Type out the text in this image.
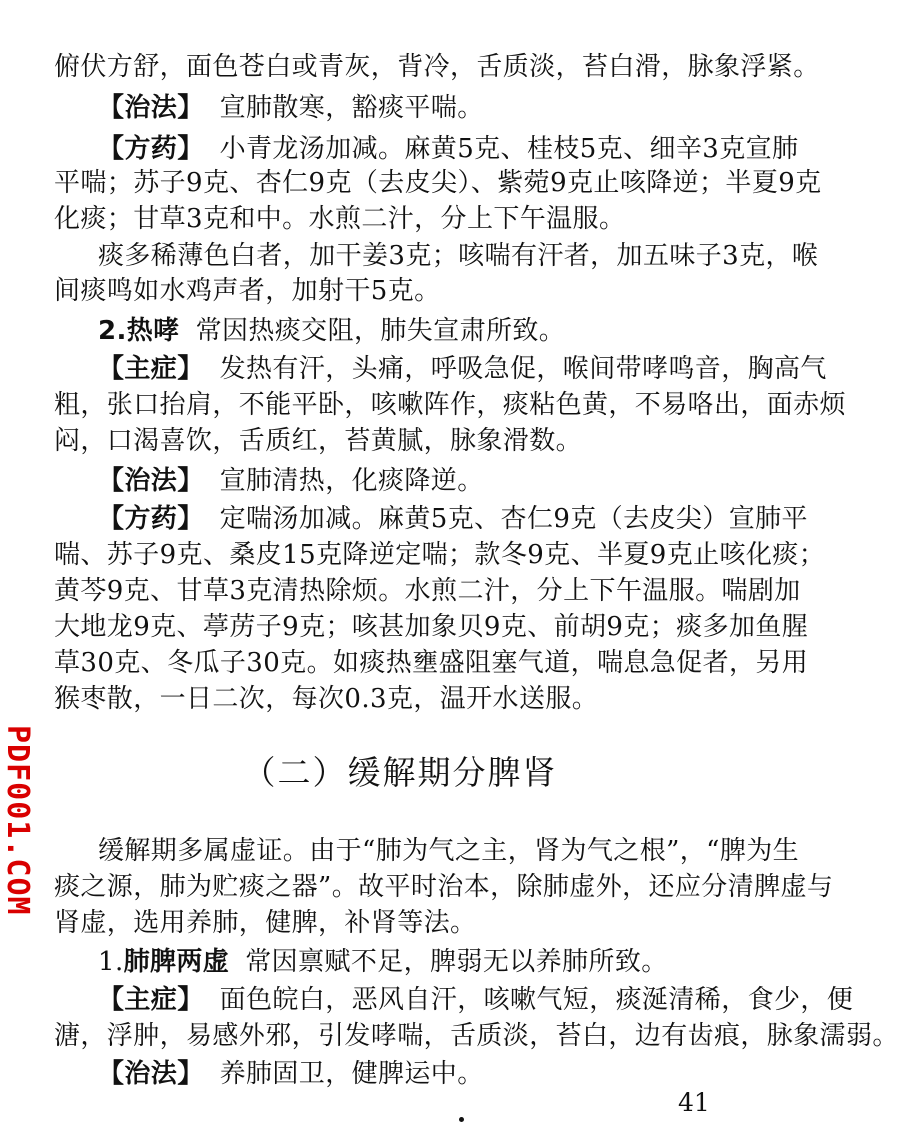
俯伏方舒，面色苍白或青灰，背冷，舌质淡，苔白滑，脉象浮紧。
【治法】 宣肺散寒，豁痰平喘。
【方药】 小青龙汤加减。麻黄5克、桂枝5克、细辛3克宣肺
平喘；苏子9克、杏仁9克（去皮尖）、紫菀9克止咳降逆；半夏9克
化痰；甘草3克和中。水煎二汁，分上下午温服。
痰多稀薄色白者，加干姜3克；咳喘有汗者，加五味子3克，喉
间痰鸣如水鸡声者，加射干5克。
2.热哮 常因热痰交阻，肺失宣肃所致。
【主症】 发热有汗，头痛，呼吸急促，喉间带哮鸣音，胸高气
粗，张口抬肩，不能平卧，咳嗽阵作，痰粘色黄，不易咯出，面赤烦
闷，口渴喜饮，舌质红，苔黄腻，脉象滑数。
【治法】 宣肺清热，化痰降逆。
【方药】 定喘汤加减。麻黄5克、杏仁9克（去皮尖）宣肺平
喘、苏子9克、桑皮15克降逆定喘；款冬9克、半夏9克止咳化痰；
黄芩9克、甘草3克清热除烦。水煎二汁，分上下午温服。喘剧加
大地龙9克、葶苈子9克；咳甚加象贝9克、前胡9克；痰多加鱼腥
草30克、冬瓜子30克。如痰热壅盛阻塞气道，喘息急促者，另用
猴枣散，一日二次，每次0.3克，温开水送服。
（二）缓解期分脾肾
缓解期多属虚证。由于“肺为气之主，肾为气之根”，“脾为生
痰之源，肺为贮痰之器”。故平时治本，除肺虚外，还应分清脾虚与
肾虚，选用养肺，健脾，补肾等法。
1.肺脾两虚 常因禀赋不足，脾弱无以养肺所致。
【主症】 面色皖白，恶风自汗，咳嗽气短，痰涎清稀，食少，便
溏，浮肿，易感外邪，引发哮喘，舌质淡，苔白，边有齿痕，脉象濡弱。
【治法】 养肺固卫，健脾运中。
PDF001.COM
41
